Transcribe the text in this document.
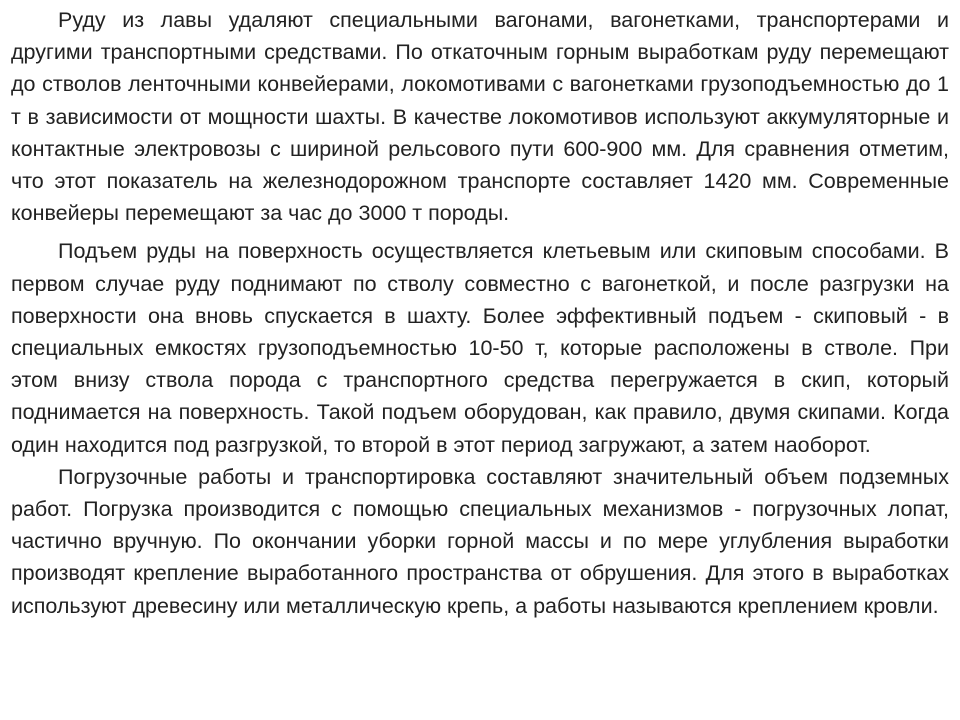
Руду из лавы удаляют специальными вагонами, вагонетками, транспортерами и другими транспортными средствами. По откаточным горным выработкам руду перемещают до стволов ленточными конвейерами, локомотивами с вагонетками грузоподъемностью до 1 т в зависимости от мощности шахты. В качестве локомотивов используют аккумуляторные и контактные электровозы с шириной рельсового пути 600-900 мм. Для сравнения отметим, что этот показатель на железнодорожном транспорте составляет 1420 мм. Современные конвейеры перемещают за час до 3000 т породы.

Подъем руды на поверхность осуществляется клетьевым или скиповым способами. В первом случае руду поднимают по стволу совместно с вагонеткой, и после разгрузки на поверхности она вновь спускается в шахту. Более эффективный подъем - скиповый - в специальных емкостях грузоподъемностью 10-50 т, которые расположены в стволе. При этом внизу ствола порода с транспортного средства перегружается в скип, который поднимается на поверхность. Такой подъем оборудован, как правило, двумя скипами. Когда один находится под разгрузкой, то второй в этот период загружают, а затем наоборот.

Погрузочные работы и транспортировка составляют значительный объем подземных работ. Погрузка производится с помощью специальных механизмов - погрузочных лопат, частично вручную. По окончании уборки горной массы и по мере углубления выработки производят крепление выработанного пространства от обрушения. Для этого в выработках используют древесину или металлическую крепь, а работы называются креплением кровли.
